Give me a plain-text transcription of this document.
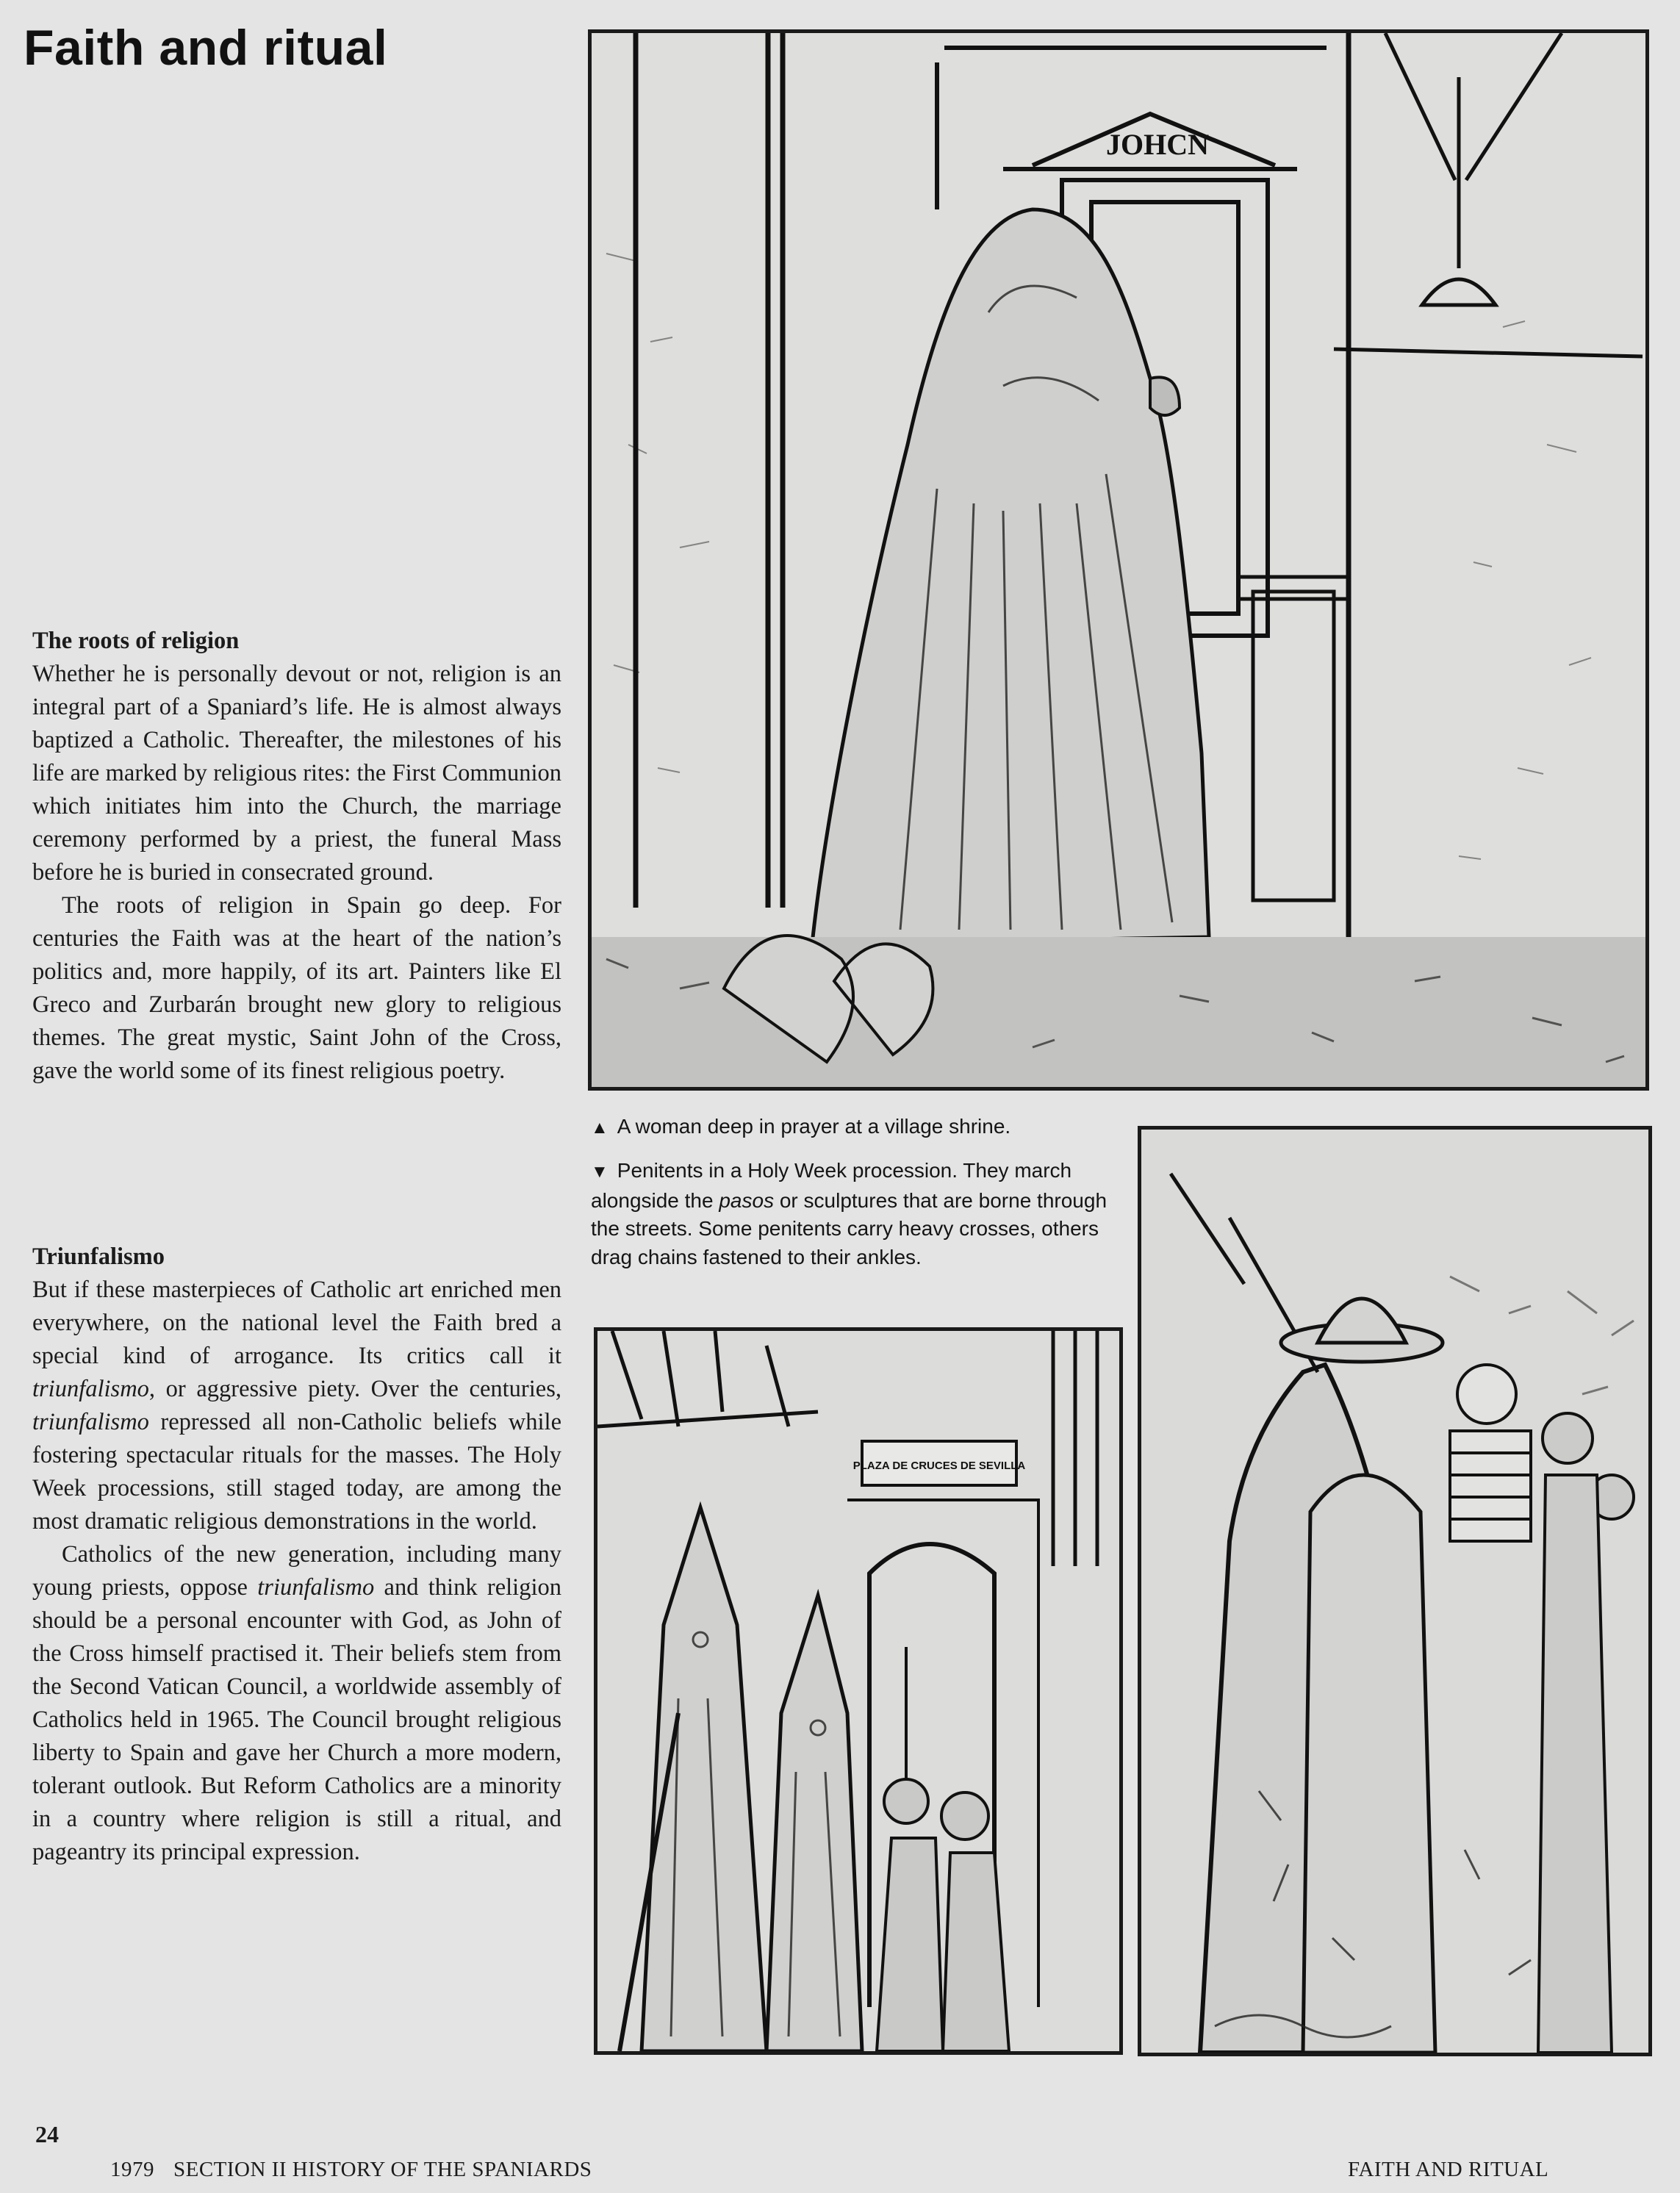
Faith and ritual
The roots of religion

Whether he is personally devout or not, religion is an integral part of a Spaniard’s life. He is almost always baptized a Catholic. Thereafter, the milestones of his life are marked by religious rites: the First Communion which initiates him into the Church, the marriage ceremony performed by a priest, the funeral Mass before he is buried in consecrated ground.

The roots of religion in Spain go deep. For centuries the Faith was at the heart of the nation’s politics and, more happily, of its art. Painters like El Greco and Zurbarán brought new glory to religious themes. The great mystic, Saint John of the Cross, gave the world some of its finest religious poetry.

Triunfalismo

But if these masterpieces of Catholic art enriched men everywhere, on the national level the Faith bred a special kind of arrogance. Its critics call it triunfalismo, or aggressive piety. Over the centuries, triunfalismo repressed all non-Catholic beliefs while fostering spectacular rituals for the masses. The Holy Week processions, still staged today, are among the most dramatic religious demonstrations in the world.

Catholics of the new generation, including many young priests, oppose triunfalismo and think religion should be a personal encounter with God, as John of the Cross himself practised it. Their beliefs stem from the Second Vatican Council, a worldwide assembly of Catholics held in 1965. The Council brought religious liberty to Spain and gave her Church a more modern, tolerant outlook. But Reform Catholics are a minority in a country where religion is still a ritual, and pageantry its principal expression.

JOHCN
▲ A woman deep in prayer at a village shrine.
▼ Penitents in a Holy Week procession. They march alongside the pasos or sculptures that are borne through the streets. Some penitents carry heavy crosses, others drag chains fastened to their ankles.
PLAZA DE CRUCES DE SEVILLA
24
1979 SECTION II HISTORY OF THE SPANIARDS	FAITH AND RITUAL
